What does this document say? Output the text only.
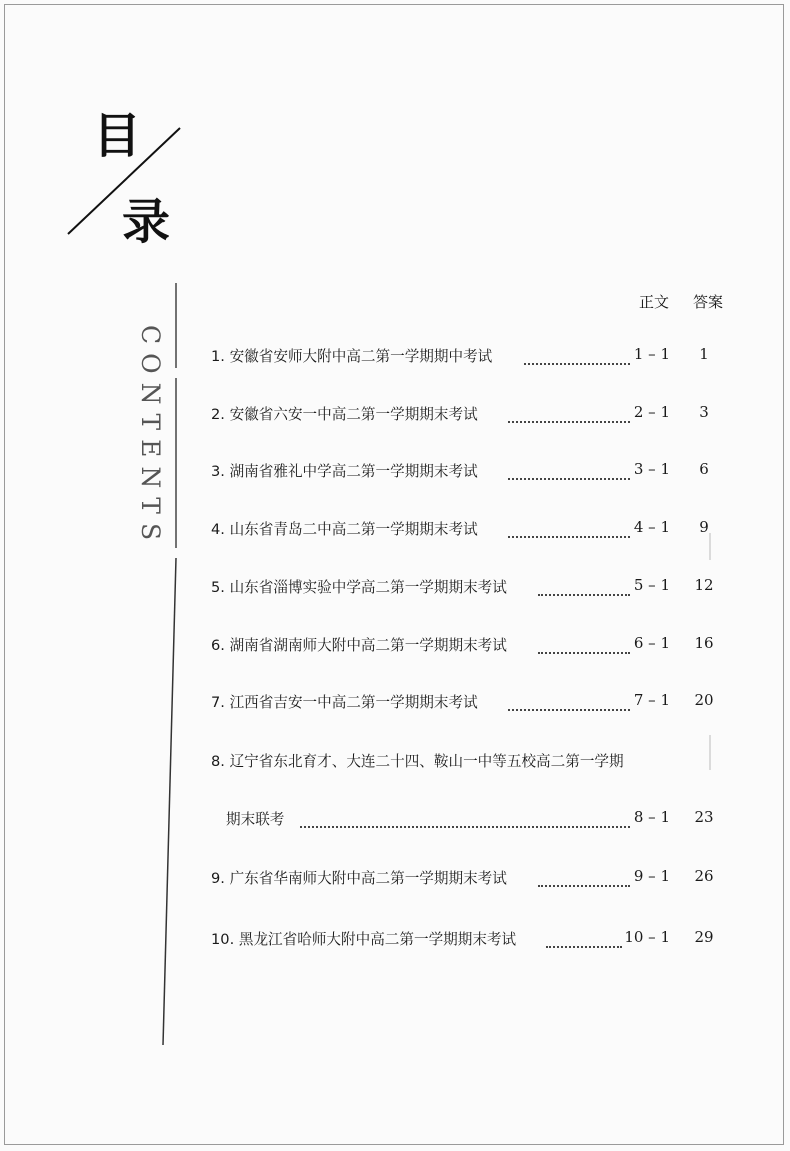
目
录
CONTENTS
正文 答案
1. 安徽省安师大附中高二第一学期期中考试	1 – 1	1
2. 安徽省六安一中高二第一学期期末考试	2 – 1	3
3. 湖南省雅礼中学高二第一学期期末考试	3 – 1	6
4. 山东省青岛二中高二第一学期期末考试	4 – 1	9
5. 山东省淄博实验中学高二第一学期期末考试	5 – 1	12
6. 湖南省湖南师大附中高二第一学期期末考试	6 – 1	16
7. 江西省吉安一中高二第一学期期末考试	7 – 1	20
8. 辽宁省东北育才、大连二十四、鞍山一中等五校高二第一学期
期末联考	8 – 1	23
9. 广东省华南师大附中高二第一学期期末考试	9 – 1	26
10. 黑龙江省哈师大附中高二第一学期期末考试	10 – 1	29
